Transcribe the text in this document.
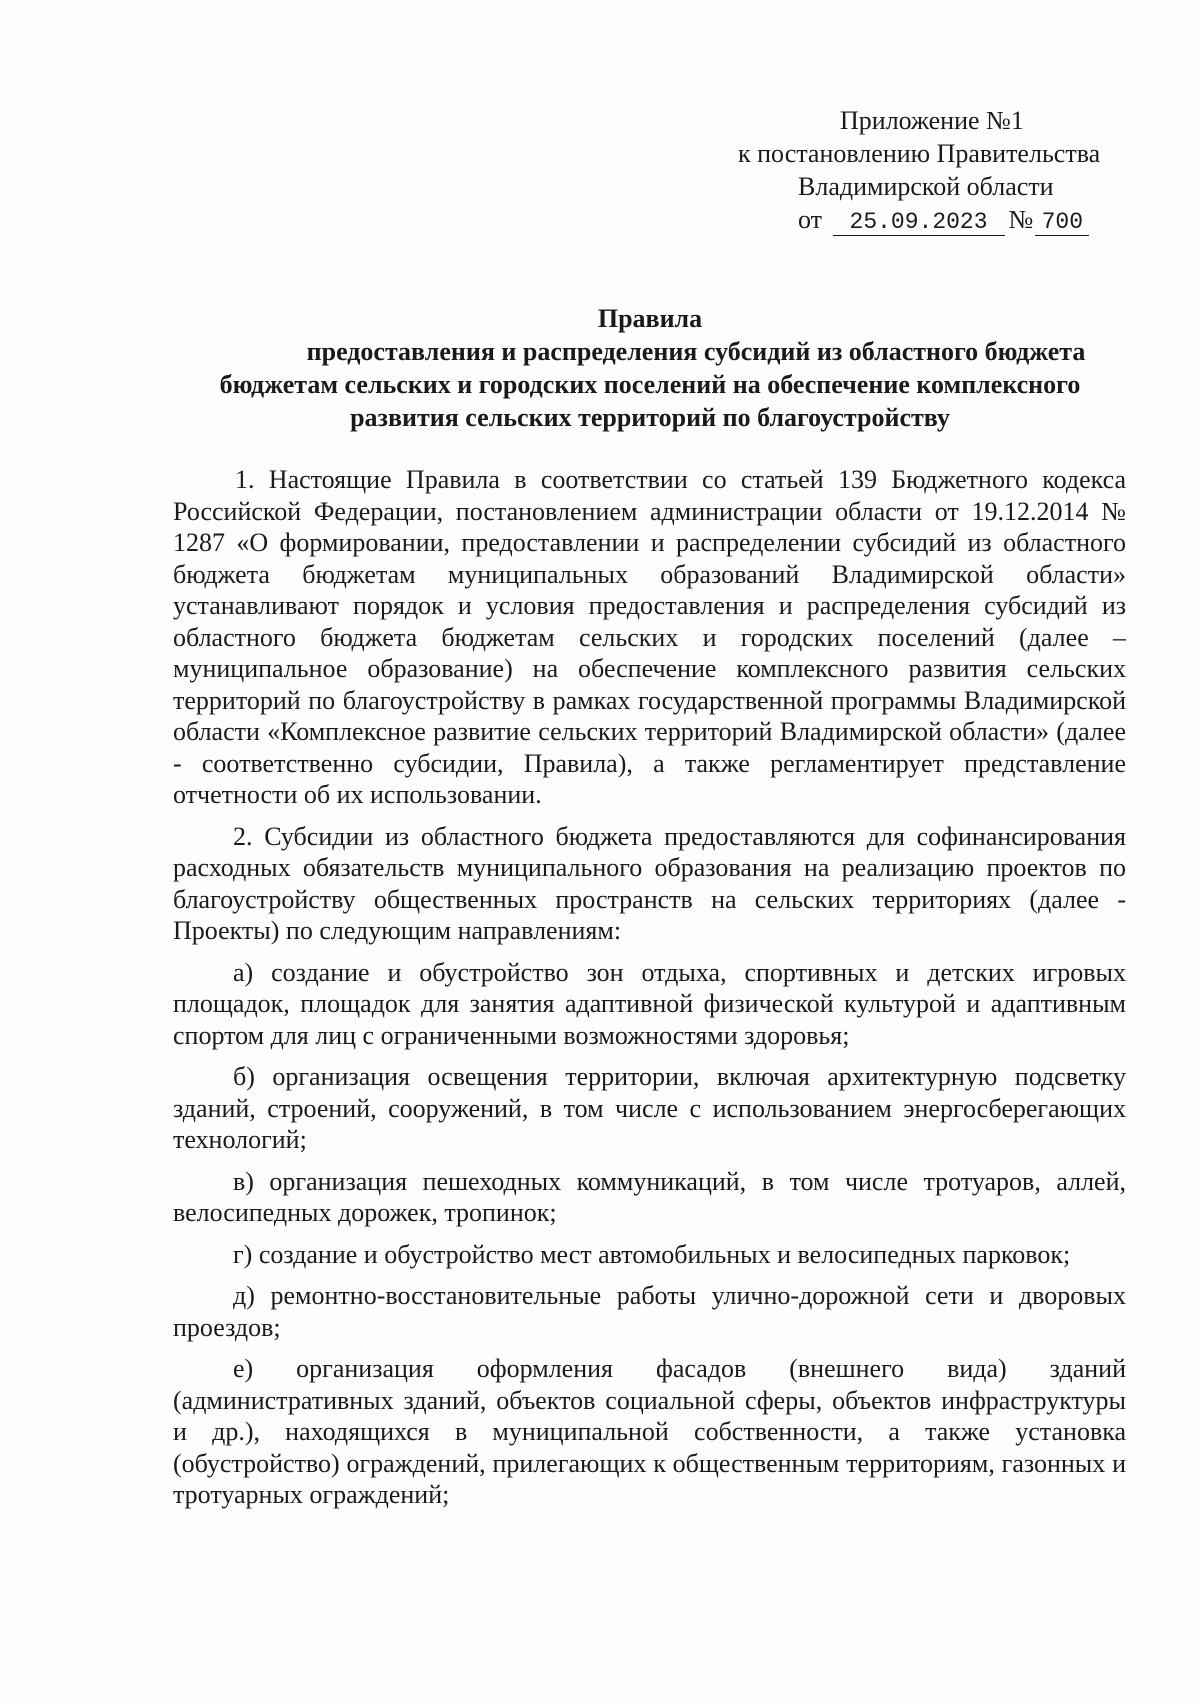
Приложение №1
к постановлению Правительства
Владимирской области
от 25.09.2023 № 700
Правила
предоставления и распределения субсидий из областного бюджета
бюджетам сельских и городских поселений на обеспечение комплексного
развития сельских территорий по благоустройству

1. Настоящие Правила в соответствии со статьей 139 Бюджетного кодекса Российской Федерации, постановлением администрации области от 19.12.2014 № 1287 «О формировании, предоставлении и распределении субсидий из областного бюджета бюджетам муниципальных образований Владимирской области» устанавливают порядок и условия предоставления и распределения субсидий из областного бюджета бюджетам сельских и городских поселений (далее – муниципальное образование) на обеспечение комплексного развития сельских территорий по благоустройству в рамках государственной программы Владимирской области «Комплексное развитие сельских территорий Владимирской области» (далее - соответственно субсидии, Правила), а также регламентирует представление отчетности об их использовании.

2. Субсидии из областного бюджета предоставляются для софинансирования расходных обязательств муниципального образования на реализацию проектов по благоустройству общественных пространств на сельских территориях (далее - Проекты) по следующим направлениям:

а) создание и обустройство зон отдыха, спортивных и детских игровых площадок, площадок для занятия адаптивной физической культурой и адаптивным спортом для лиц с ограниченными возможностями здоровья;

б) организация освещения территории, включая архитектурную подсветку зданий, строений, сооружений, в том числе с использованием энергосберегающих технологий;

в) организация пешеходных коммуникаций, в том числе тротуаров, аллей, велосипедных дорожек, тропинок;

г) создание и обустройство мест автомобильных и велосипедных парковок;

д) ремонтно-восстановительные работы улично-дорожной сети и дворовых проездов;

е) организация оформления фасадов (внешнего вида) зданий (административных зданий, объектов социальной сферы, объектов инфраструктуры и др.), находящихся в муниципальной собственности, а также установка (обустройство) ограждений, прилегающих к общественным территориям, газонных и тротуарных ограждений;
